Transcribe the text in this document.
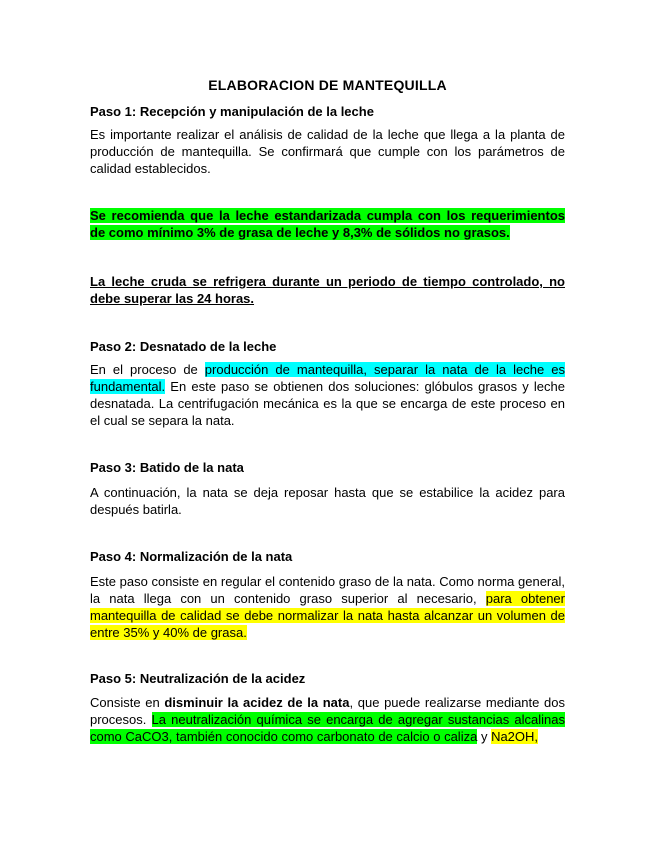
ELABORACION DE MANTEQUILLA
Paso 1: Recepción y manipulación de la leche

Es importante realizar el análisis de calidad de la leche que llega a la planta de producción de mantequilla. Se confirmará que cumple con los parámetros de calidad establecidos.

Se recomienda que la leche estandarizada cumpla con los requerimientos de como mínimo 3% de grasa de leche y 8,3% de sólidos no grasos.

La leche cruda se refrigera durante un periodo de tiempo controlado, no debe superar las 24 horas.

Paso 2: Desnatado de la leche

En el proceso de producción de mantequilla, separar la nata de la leche es fundamental. En este paso se obtienen dos soluciones: glóbulos grasos y leche desnatada. La centrifugación mecánica es la que se encarga de este proceso en el cual se separa la nata.

Paso 3: Batido de la nata

A continuación, la nata se deja reposar hasta que se estabilice la acidez para después batirla.

Paso 4: Normalización de la nata

Este paso consiste en regular el contenido graso de la nata. Como norma general, la nata llega con un contenido graso superior al necesario, para obtener mantequilla de calidad se debe normalizar la nata hasta alcanzar un volumen de entre 35% y 40% de grasa.

Paso 5: Neutralización de la acidez

Consiste en disminuir la acidez de la nata, que puede realizarse mediante dos procesos. La neutralización química se encarga de agregar sustancias alcalinas como CaCO3, también conocido como carbonato de calcio o caliza y Na2OH,
